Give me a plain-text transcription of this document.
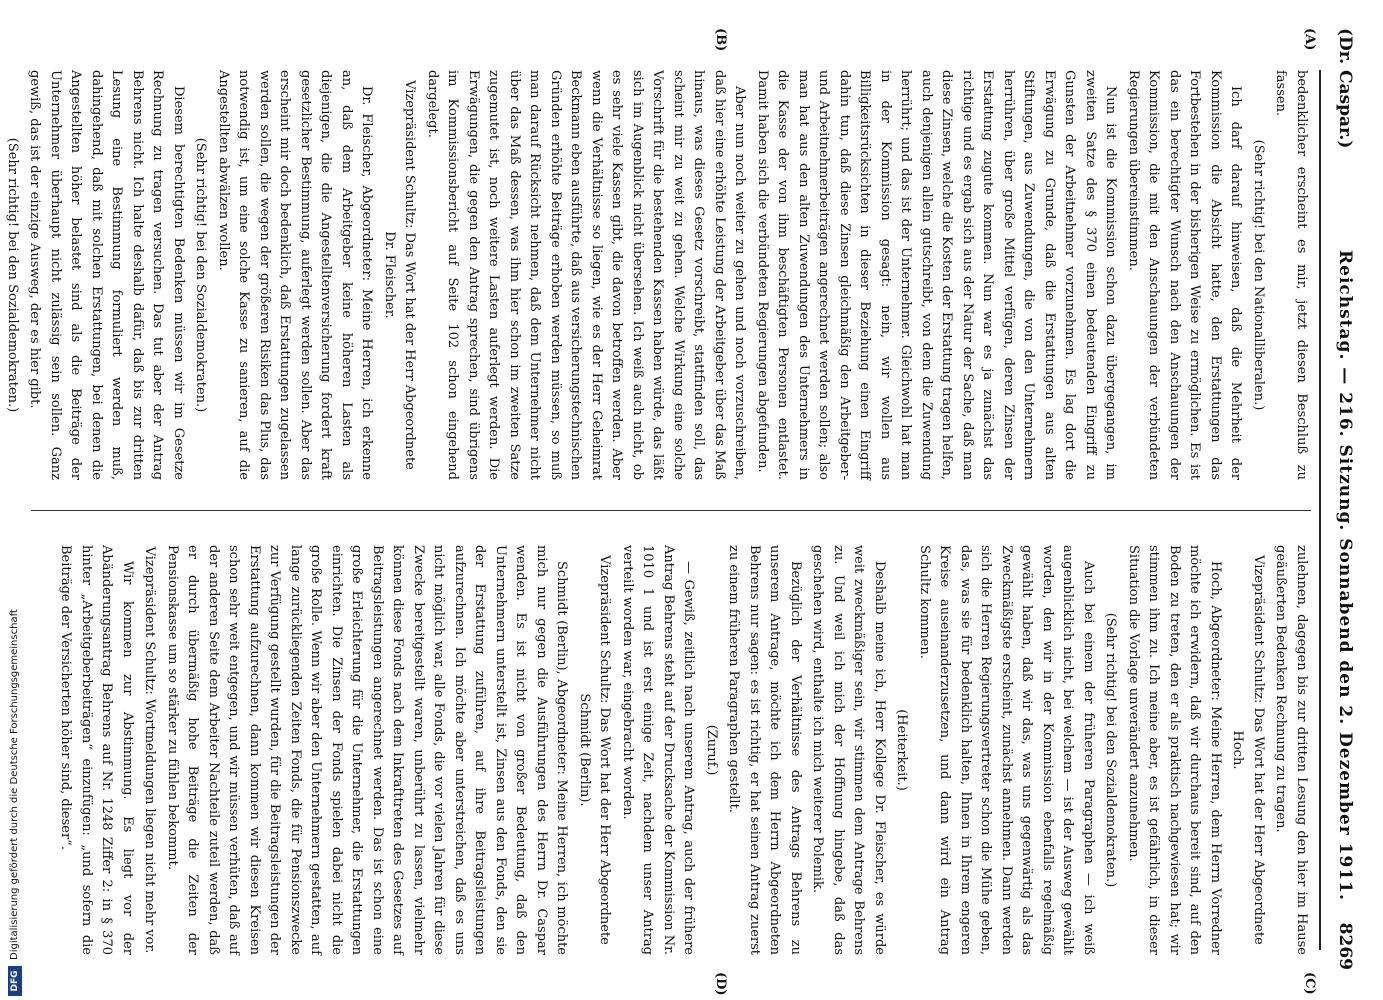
(Dr. Caspar.)
Reichstag. — 216. Sitzung. Sonnabend den 2. Dezember 1911.
8269
(A)
(B)
(C)
(D)
bedenklicher erscheint es mir, jetzt diesen Beschluß zu fassen.
(Sehr richtig! bei den Nationalliberalen.)
Ich darf darauf hinweisen, daß die Mehrheit der Kommission die Absicht hatte, den Erstattungen das Fortbestehen in der bisherigen Weise zu ermöglichen. Es ist das ein berechtigter Wunsch nach den Anschauungen der Kommission, die mit den Anschauungen der verbündeten Regierungen übereinstimmen.
Nun ist die Kommission schon dazu übergegangen, im zweiten Satze des § 370 einen bedeutenden Eingriff zu Gunsten der Arbeitnehmer vorzunehmen. Es lag dort die Erwägung zu Grunde, daß die Erstattungen aus alten Stiftungen, aus Zuwendungen, die von den Unternehmern herrühren, über große Mittel verfügen, deren Zinsen der Erstattung zugute kommen. Nun war es ja zunächst das richtige und es ergab sich aus der Natur der Sache, daß man diese Zinsen, welche die Kosten der Erstattung tragen helfen, auch denjenigen allein gutschreibt, von dem die Zuwendung herrührt; und das ist der Unternehmer. Gleichwohl hat man in der Kommission gesagt: nein, wir wollen aus Billigkeitsrücksichten in dieser Beziehung einen Eingriff dahin tun, daß diese Zinsen gleichmäßig den Arbeitgeber- und Arbeitnehmerbeiträgen angerechnet werden sollen; also man hat aus den alten Zuwendungen des Unternehmers in die Kasse der von ihm beschäftigten Personen entlastet. Damit haben sich die verbündeten Regierungen abgefunden.
Aber nun noch weiter zu gehen und noch vorzuschreiben, daß hier eine erhöhte Leistung der Arbeitgeber über das Maß hinaus, was dieses Gesetz vorschreibt, stattfinden soll, das scheint mir zu weit zu gehen. Welche Wirkung eine solche Vorschrift für die bestehenden Kassen haben würde, das läßt sich im Augenblick nicht übersehen. Ich weiß auch nicht, ob es sehr viele Kassen gibt, die davon betroffen werden. Aber wenn die Verhältnisse so liegen, wie es der Herr Geheimrat Beckmann eben ausführte, daß aus versicherungstechnischen Gründen erhöhte Beiträge erhoben werden müssen, so muß man darauf Rücksicht nehmen, daß dem Unternehmer nicht über das Maß dessen, was ihm hier schon im zweiten Satze zugemutet ist, noch weitere Lasten auferlegt werden. Die Erwägungen, die gegen den Antrag sprechen, sind übrigens im Kommissionsbericht auf Seite 102 schon eingehend dargelegt.
Vizepräsident Schultz: Das Wort hat der Herr Abgeordnete Dr. Fleischer.
Dr. Fleischer, Abgeordneter: Meine Herren, ich erkenne an, daß dem Arbeitgeber keine höheren Lasten als diejenigen, die die Angestelltenversicherung fordert kraft gesetzlicher Bestimmung, auferlegt werden sollen. Aber das erscheint mir doch bedenklich, daß Erstattungen zugelassen werden sollen, die wegen der größeren Risiken das Plus, das notwendig ist, um eine solche Kasse zu sanieren, auf die Angestellten abwälzen wollen.
(Sehr richtig! bei den Sozialdemokraten.)
Diesem berechtigten Bedenken müssen wir im Gesetze Rechnung zu tragen versuchen. Das tut aber der Antrag Behrens nicht. Ich halte deshalb dafür, daß bis zur dritten Lesung eine Bestimmung formuliert werden muß, dahingehend, daß mit solchen Erstattungen, bei denen die Angestellten höher belastet sind als die Beiträge der Unternehmer überhaupt nicht zulässig sein sollen. Ganz gewiß, das ist der einzige Ausweg, der es hier gibt.
(Sehr richtig! bei den Sozialdemokraten.)
zulehnen, dagegen bis zur dritten Lesung den hier im Hause geäußerten Bedenken Rechnung zu tragen.
Vizepräsident Schultz: Das Wort hat der Herr Abgeordnete Hoch.
Hoch, Abgeordneter: Meine Herren, dem Herrn Vorredner möchte ich erwidern, daß wir durchaus bereit sind, auf den Boden zu treten, den er als praktisch nachgewiesen hat; wir stimmen ihm zu. Ich meine aber, es ist gefährlich, in dieser Situation die Vorlage unverändert anzunehmen.
(Sehr richtig! bei den Sozialdemokraten.)
Auch bei einem der früheren Paragraphen — ich weiß augenblicklich nicht, bei welchem — ist der Ausweg gewählt worden, den wir in der Kommission ebenfalls regelmäßig gewählt haben, daß wir das, was uns gegenwärtig als das Zweckmäßigste erscheint, zunächst annehmen. Dann werden sich die Herren Regierungsvertreter schon die Mühe geben, das, was sie für bedenklich halten, Ihnen in Ihrem engeren Kreise auseinanderzusetzen, und dann wird ein Antrag Schultz kommen.
(Heiterkeit.)
Deshalb meine ich, Herr Kollege Dr. Fleischer, es würde weit zweckmäßiger sein, wir stimmen dem Antrage Behrens zu. Und weil ich mich der Hoffnung hingebe, daß das geschehen wird, enthalte ich mich weiterer Polemik.
Bezüglich der Verhältnisse des Antrags Behrens zu unserem Antrage, möchte ich dem Herrn Abgeordneten Behrens nur sagen: es ist richtig, er hat seinen Antrag zuerst zu einem früheren Paragraphen gestellt.
(Zuruf.)
— Gewiß, zeitlich nach unserem Antrag, auch der frühere Antrag Behrens steht auf der Drucksache der Kommission Nr. 1010 1 und ist erst einige Zeit, nachdem unser Antrag verteilt worden war, eingebracht worden.
Vizepräsident Schultz: Das Wort hat der Herr Abgeordnete Schmidt (Berlin).
Schmidt (Berlin), Abgeordneter: Meine Herren, ich möchte mich nur gegen die Ausführungen des Herrn Dr. Caspar wenden. Es ist nicht von großer Bedeutung, daß den Unternehmern unterstellt ist, Zinsen aus den Fonds, den sie der Erstattung zuführen, auf ihre Beitragsleistungen aufzurechnen. Ich möchte aber unterstreichen, daß es uns nicht möglich war, alle Fonds, die vor vielen Jahren für diese Zwecke bereitgestellt waren, unberührt zu lassen, vielmehr können diese Fonds nach dem Inkrafttreten des Gesetzes auf Beitragsleistungen angerechnet werden. Das ist schon eine große Erleichterung für die Unternehmer, die Erstattungen einrichten. Die Zinsen der Fonds spielen dabei nicht die große Rolle. Wenn wir aber den Unternehmern gestatten, auf lange zurückliegenden Zeiten Fonds, die für Pensionszwecke zur Verfügung gestellt wurden, für die Beitragsleistungen der Erstattung aufzurechnen, dann kommen wir diesen Kreisen schon sehr weit entgegen, und wir müssen verhüten, daß auf der anderen Seite dem Arbeiter Nachteile zuteil werden, daß er durch übermäßig hohe Beiträge die Zeiten der Pensionskasse um so stärker zu fühlen bekommt.
Vizepräsident Schultz: Wortmeldungen liegen nicht mehr vor.
Wir kommen zur Abstimmung. Es liegt vor der Abänderungsantrag Behrens auf Nr. 1248 Ziffer 2: in § 370 hinter „Arbeitgeberbeiträgen“ einzufügen: „und sofern die Beiträge der Versicherten höher sind, dieser“.
DFG
Digitalisierung gefördert durch die Deutsche Forschungsgemeinschaft
